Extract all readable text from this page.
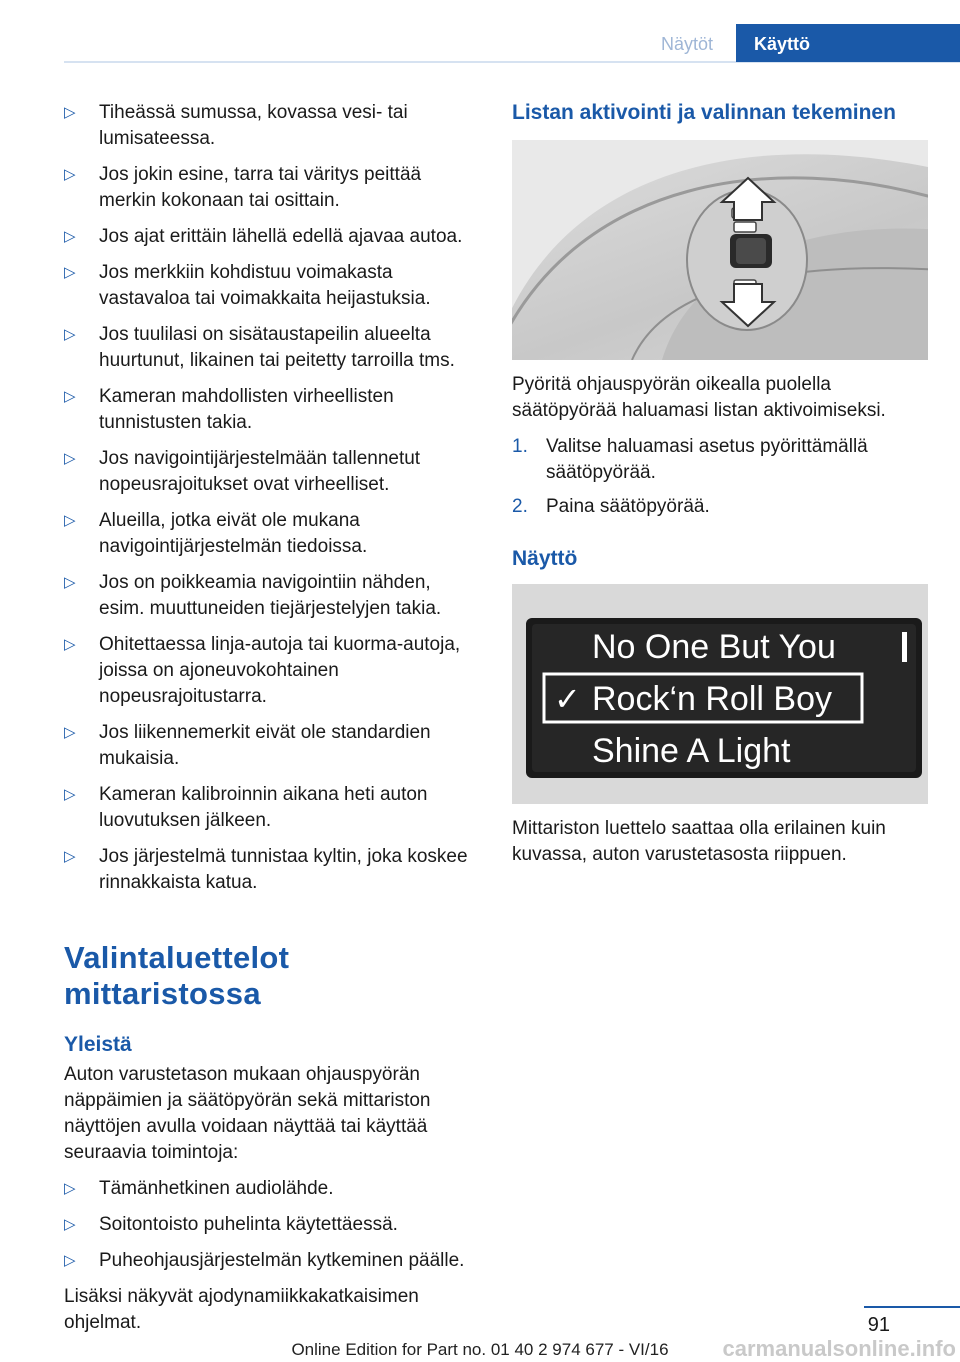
Näytöt	Käyttö
▷ Tiheässä sumussa, kovassa vesi- tai lumisateessa.
▷ Jos jokin esine, tarra tai väritys peittää merkin kokonaan tai osittain.
▷ Jos ajat erittäin lähellä edellä ajavaa autoa.
▷ Jos merkkiin kohdistuu voimakasta vastavaloa tai voimakkaita heijastuksia.
▷ Jos tuulilasi on sisätaustapeilin alueelta huurtunut, likainen tai peitetty tarroilla tms.
▷ Kameran mahdollisten virheellisten tunnistusten takia.
▷ Jos navigointijärjestelmään tallennetut nopeusrajoitukset ovat virheelliset.
▷ Alueilla, jotka eivät ole mukana navigointijärjestelmän tiedoissa.
▷ Jos on poikkeamia navigointiin nähden, esim. muuttuneiden tiejärjestelyjen takia.
▷ Ohitettaessa linja-autoja tai kuorma-autoja, joissa on ajoneuvokohtainen nopeusrajoitustarra.
▷ Jos liikennemerkit eivät ole standardien mukaisia.
▷ Kameran kalibroinnin aikana heti auton luovutuksen jälkeen.
▷ Jos järjestelmä tunnistaa kyltin, joka koskee rinnakkaista katua.
Valintaluettelot mittaristossa
Yleistä

Auton varustetason mukaan ohjauspyörän näppäimien ja säätöpyörän sekä mittariston näyttöjen avulla voidaan näyttää tai käyttää seuraavia toimintoja:

▷ Tämänhetkinen audiolähde.
▷ Soitontoisto puhelinta käytettäessä.
▷ Puheohjausjärjestelmän kytkeminen päälle.

Lisäksi näkyvät ajodynamiikkakatkaisimen ohjelmat.

Listan aktivointi ja valinnan tekeminen

Pyöritä ohjauspyörän oikealla puolella säätöpyörää haluamasi listan aktivoimiseksi.

1. Valitse haluamasi asetus pyörittämällä säätöpyörää.
2. Paina säätöpyörää.
Näyttö
No One But You
✓ Rock‘n Roll Boy
Shine A Light

Mittariston luettelo saattaa olla erilainen kuin kuvassa, auton varustetasosta riippuen.

91
Online Edition for Part no. 01 40 2 974 677 - VI/16	carmanualsonline.info
